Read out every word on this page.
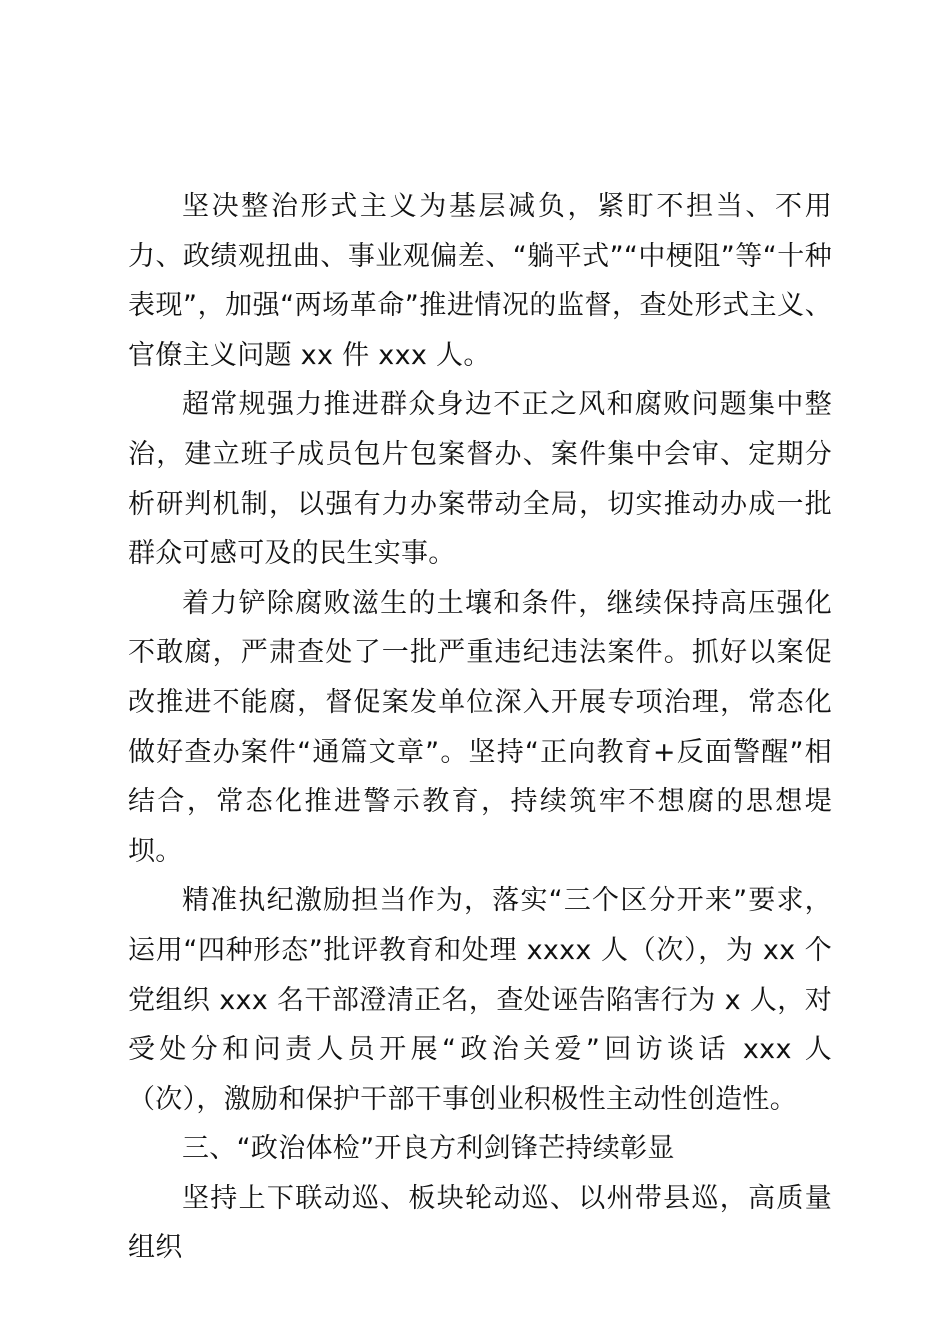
坚决整治形式主义为基层减负，紧盯不担当、不用力、政绩观扭曲、事业观偏差、“躺平式”“中梗阻”等“十种表现”，加强“两场革命”推进情况的监督，查处形式主义、官僚主义问题 xx 件 xxx 人。

超常规强力推进群众身边不正之风和腐败问题集中整治，建立班子成员包片包案督办、案件集中会审、定期分析研判机制，以强有力办案带动全局，切实推动办成一批群众可感可及的民生实事。

着力铲除腐败滋生的土壤和条件，继续保持高压强化不敢腐，严肃查处了一批严重违纪违法案件。抓好以案促改推进不能腐，督促案发单位深入开展专项治理，常态化做好查办案件“通篇文章”。坚持“正向教育+反面警醒”相结合，常态化推进警示教育，持续筑牢不想腐的思想堤坝。

精准执纪激励担当作为，落实“三个区分开来”要求，运用“四种形态”批评教育和处理 xxxx 人（次），为 xx 个党组织 xxx 名干部澄清正名，查处诬告陷害行为 x 人，对受处分和问责人员开展“政治关爱”回访谈话 xxx 人（次），激励和保护干部干事创业积极性主动性创造性。

三、“政治体检”开良方利剑锋芒持续彰显

坚持上下联动巡、板块轮动巡、以州带县巡，高质量组织
